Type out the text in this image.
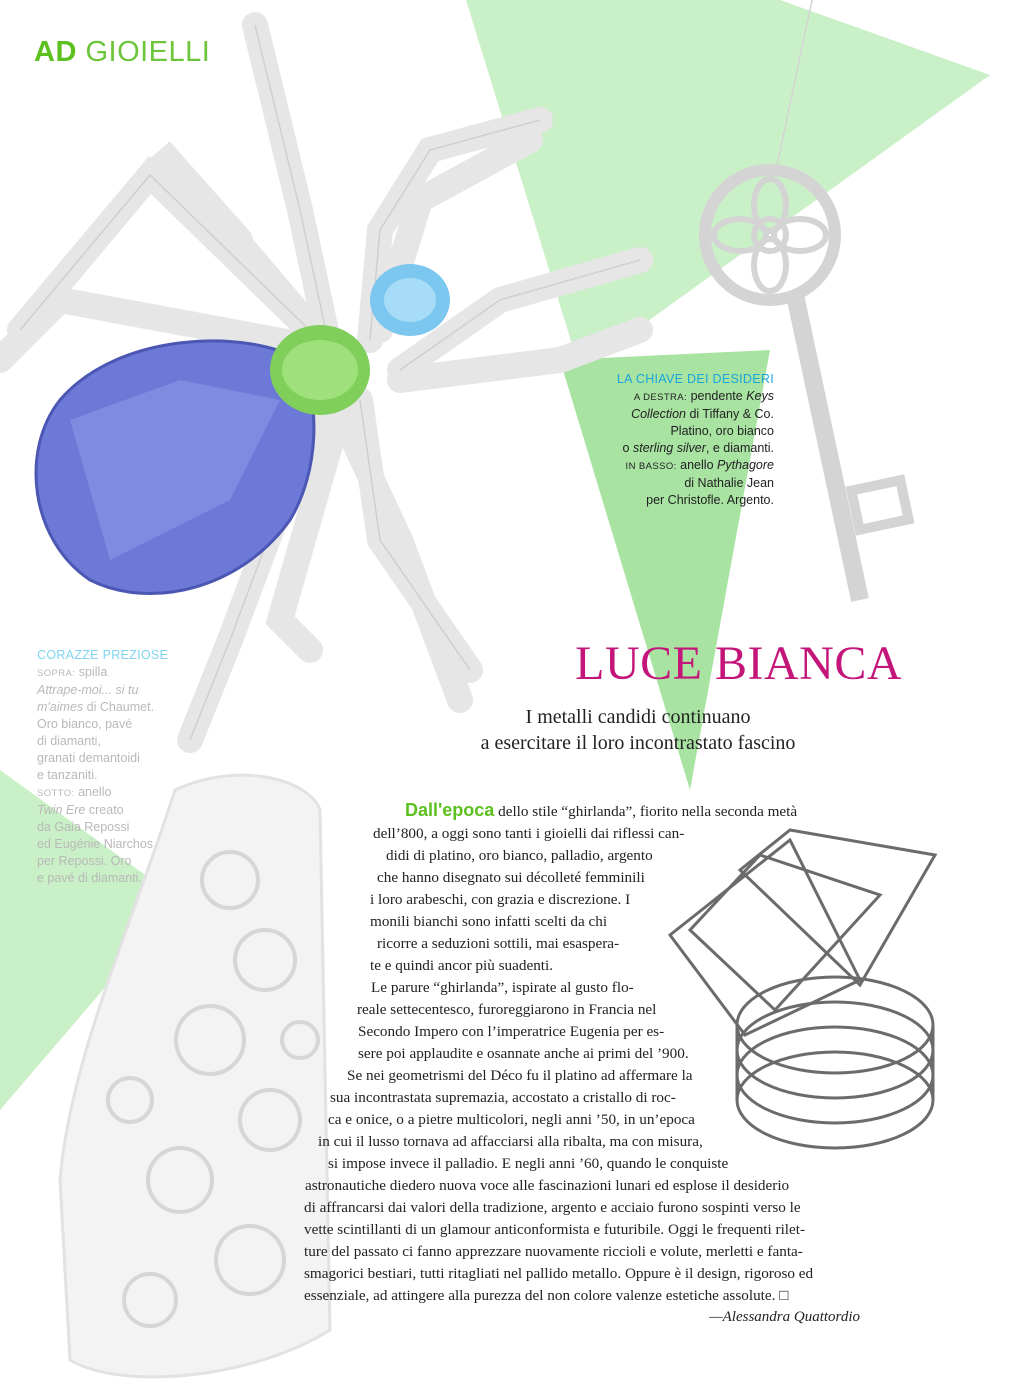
AD GIOIELLI
LA CHIAVE DEI DESIDERI
A DESTRA: pendente Keys
Collection di Tiffany & Co.
Platino, oro bianco
o sterling silver, e diamanti.
IN BASSO: anello Pythagore
di Nathalie Jean
per Christofle. Argento.
CORAZZE PREZIOSE
SOPRA: spilla
Attrape-moi... si tu
m'aimes di Chaumet.
Oro bianco, pavé
di diamanti,
granati demantoidi
e tanzaniti.
SOTTO: anello
Twin Ere creato
da Gaia Repossi
ed Eugénie Niarchos
per Repossi. Oro
e pavé di diamanti.
LUCE BIANCA
I metalli candidi continuano
a esercitare il loro incontrastato fascino
Dall'epoca dello stile “ghirlanda”, fiorito nella seconda metà
dell’800, a oggi sono tanti i gioielli dai riflessi can-
didi di platino, oro bianco, palladio, argento
che hanno disegnato sui décolleté femminili
i loro arabeschi, con grazia e discrezione. I
monili bianchi sono infatti scelti da chi
ricorre a seduzioni sottili, mai esaspera-
te e quindi ancor più suadenti.
Le parure “ghirlanda”, ispirate al gusto flo-
reale settecentesco, furoreggiarono in Francia nel
Secondo Impero con l’imperatrice Eugenia per es-
sere poi applaudite e osannate anche ai primi del ’900.
Se nei geometrismi del Déco fu il platino ad affermare la
sua incontrastata supremazia, accostato a cristallo di roc-
ca e onice, o a pietre multicolori, negli anni ’50, in un’epoca
in cui il lusso tornava ad affacciarsi alla ribalta, ma con misura,
si impose invece il palladio. E negli anni ’60, quando le conquiste
astronautiche diedero nuova voce alle fascinazioni lunari ed esplose il desiderio
di affrancarsi dai valori della tradizione, argento e acciaio furono sospinti verso le
vette scintillanti di un glamour anticonformista e futuribile. Oggi le frequenti rilet-
ture del passato ci fanno apprezzare nuovamente riccioli e volute, merletti e fanta-
smagorici bestiari, tutti ritagliati nel pallido metallo. Oppure è il design, rigoroso ed
essenziale, ad attingere alla purezza del non colore valenze estetiche assolute. □
—Alessandra Quattordio
